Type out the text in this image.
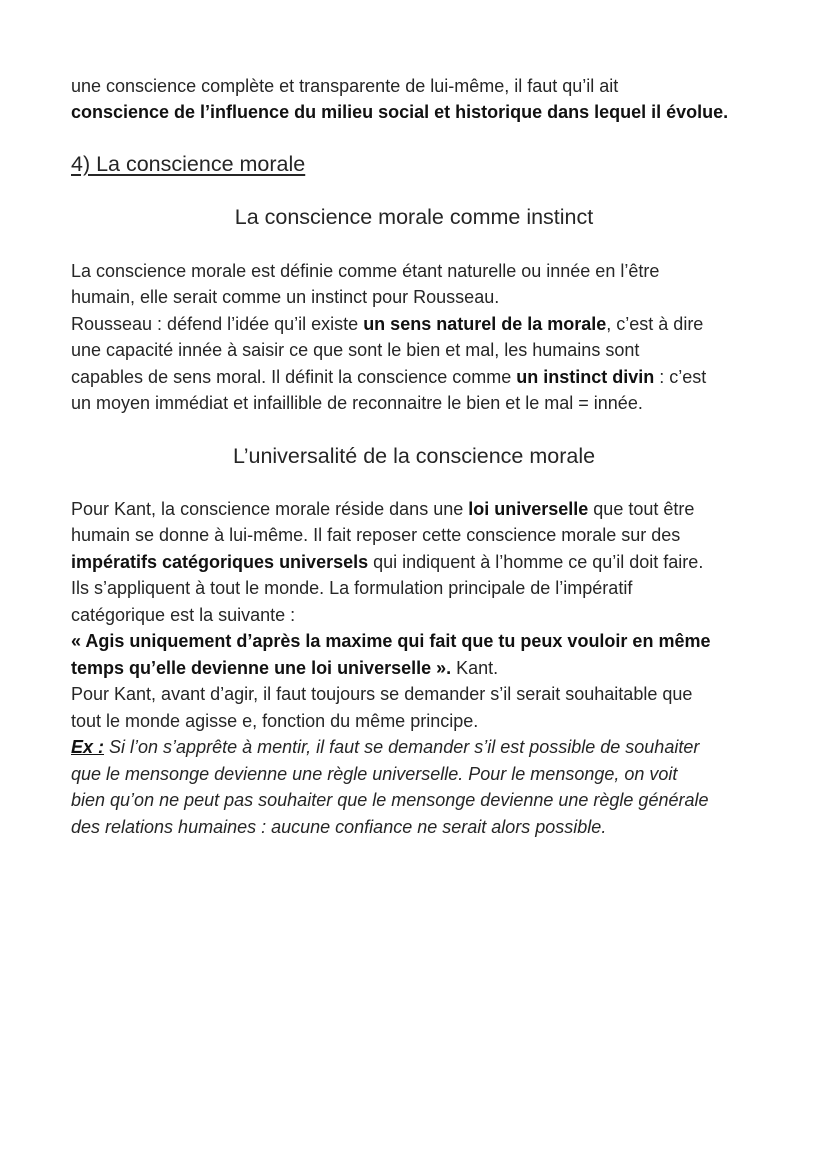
une conscience complète et transparente de lui-même, il faut qu’il ait
conscience de l’influence du milieu social et historique dans lequel il évolue.
4) La conscience morale
La conscience morale comme instinct
La conscience morale est définie comme étant naturelle ou innée en l’être
humain, elle serait comme un instinct pour Rousseau.
Rousseau : défend l’idée qu’il existe un sens naturel de la morale, c’est à dire
une capacité innée à saisir ce que sont le bien et mal, les humains sont
capables de sens moral. Il définit la conscience comme un instinct divin : c’est
un moyen immédiat et infaillible de reconnaitre le bien et le mal = innée.
L’universalité de la conscience morale
Pour Kant, la conscience morale réside dans une loi universelle que tout être
humain se donne à lui-même. Il fait reposer cette conscience morale sur des
impératifs catégoriques universels qui indiquent à l’homme ce qu’il doit faire.
Ils s’appliquent à tout le monde. La formulation principale de l’impératif
catégorique est la suivante :
« Agis uniquement d’après la maxime qui fait que tu peux vouloir en même
temps qu’elle devienne une loi universelle ». Kant.
Pour Kant, avant d’agir, il faut toujours se demander s’il serait souhaitable que
tout le monde agisse e, fonction du même principe.
Ex : Si l’on s’apprête à mentir, il faut se demander s’il est possible de souhaiter
que le mensonge devienne une règle universelle. Pour le mensonge, on voit
bien qu’on ne peut pas souhaiter que le mensonge devienne une règle générale
des relations humaines : aucune confiance ne serait alors possible.
